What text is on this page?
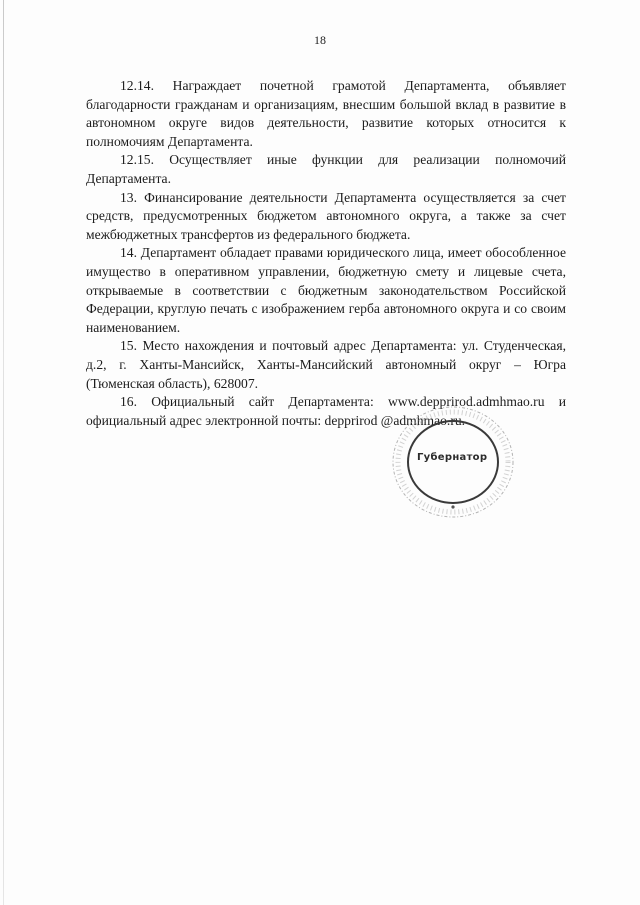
18

12.14. Награждает почетной грамотой Департамента, объявляет благодарности гражданам и организациям, внесшим большой вклад в развитие в автономном округе видов деятельности, развитие которых относится к полномочиям Департамента.

12.15. Осуществляет иные функции для реализации полномочий Департамента.

13. Финансирование деятельности Департамента осуществляется за счет средств, предусмотренных бюджетом автономного округа, а также за счет межбюджетных трансфертов из федерального бюджета.

14. Департамент обладает правами юридического лица, имеет обособленное имущество в оперативном управлении, бюджетную смету и лицевые счета, открываемые в соответствии с бюджетным законодательством Российской Федерации, круглую печать с изображением герба автономного округа и со своим наименованием.

15. Место нахождения и почтовый адрес Департамента: ул. Студенческая, д.2, г. Ханты-Мансийск, Ханты-Мансийский автономный округ – Югра (Тюменская область), 628007.

16. Официальный сайт Департамента: www.depprirod.admhmao.ru и официальный адрес электронной почты: depprirod @admhmao.ru.

Губернатор
